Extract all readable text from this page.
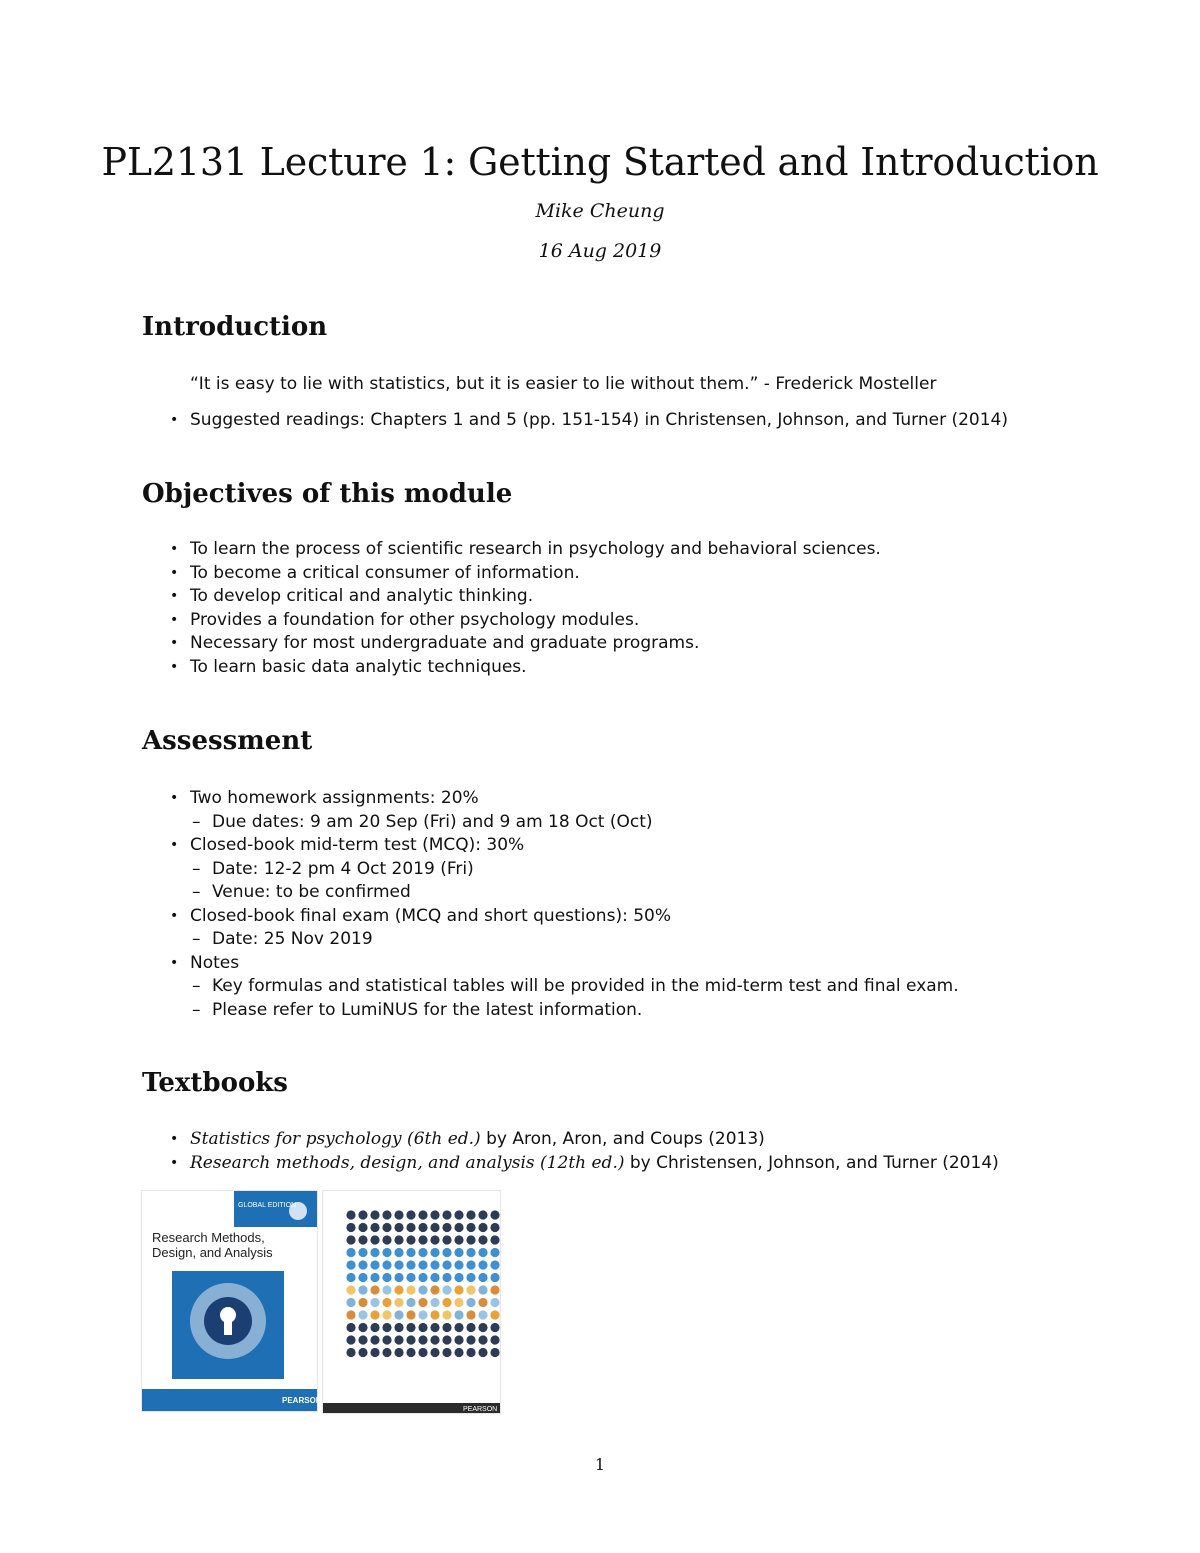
PL2131 Lecture 1: Getting Started and Introduction
Mike Cheung
16 Aug 2019
Introduction
“It is easy to lie with statistics, but it is easier to lie without them.” - Frederick Mosteller
• Suggested readings: Chapters 1 and 5 (pp. 151-154) in Christensen, Johnson, and Turner (2014)
Objectives of this module
• To learn the process of scientific research in psychology and behavioral sciences.
• To become a critical consumer of information.
• To develop critical and analytic thinking.
• Provides a foundation for other psychology modules.
• Necessary for most undergraduate and graduate programs.
• To learn basic data analytic techniques.
Assessment
• Two homework assignments: 20%
– Due dates: 9 am 20 Sep (Fri) and 9 am 18 Oct (Oct)
• Closed-book mid-term test (MCQ): 30%
– Date: 12-2 pm 4 Oct 2019 (Fri)
– Venue: to be confirmed
• Closed-book final exam (MCQ and short questions): 50%
– Date: 25 Nov 2019
• Notes
– Key formulas and statistical tables will be provided in the mid-term test and final exam.
– Please refer to LumiNUS for the latest information.
Textbooks
• Statistics for psychology (6th ed.) by Aron, Aron, and Coups (2013)
• Research methods, design, and analysis (12th ed.) by Christensen, Johnson, and Turner (2014)
GLOBAL EDITION
Research Methods,
Design, and Analysis
PEARSON
PEARSON
1
